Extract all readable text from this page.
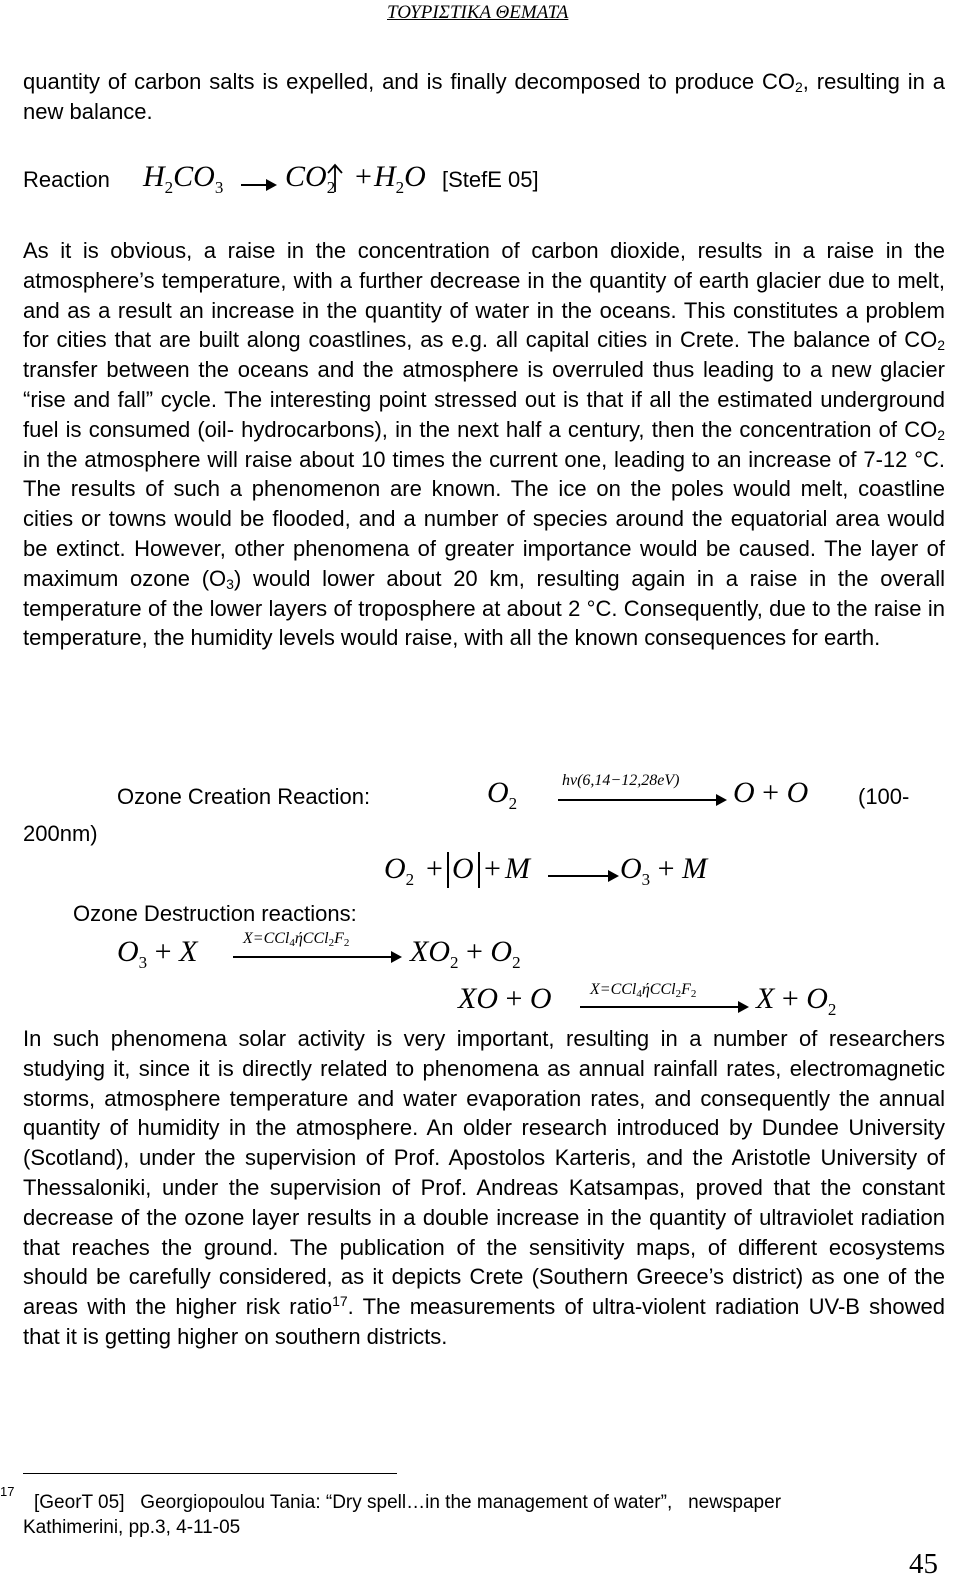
ΤΟΥΡΙΣΤΙΚΑ ΘΕΜΑΤΑ
quantity of carbon salts is expelled, and is finally decomposed to produce $CO_2$, resulting in a new balance.
Reaction $H_2CO_3$ $CO_2 + H_2O$ [StefE 05]
As it is obvious, a raise in the concentration of carbon dioxide, results in a raise in the atmosphere’s temperature, with a further decrease in the quantity of earth glacier due to melt, and as a result an increase in the quantity of water in the oceans. This constitutes a problem for cities that are built along coastlines, as e.g. all capital cities in Crete. The balance of $CO_2$ transfer between the oceans and the atmosphere is overruled thus leading to a new glacier “rise and fall” cycle. The interesting point stressed out is that if all the estimated underground fuel is consumed (oil- hydrocarbons), in the next half a century, then the concentration of $CO_2$ in the atmosphere will raise about 10 times the current one, leading to an increase of 7-12 °C. The results of such a phenomenon are known. The ice on the poles would melt, coastline cities or towns would be flooded, and a number of species around the equatorial area would be extinct. However, other phenomena of greater importance would be caused. The layer of maximum ozone $(O_3)$ would lower about 20 km, resulting again in a raise in the overall temperature of the lower layers of troposphere at about 2 °C. Consequently, due to the raise in temperature, the humidity levels would raise, with all the known consequences for earth.
Ozone Creation Reaction:	$O_2$
hν(6,14−12,28eV) O + O (100-
200nm)
$O_2 + O + M$	$O_3 + M$
Ozone Destruction reactions:
$O_3 + X$	$X=CCl_4ήCCl_2F_2$ $XO_2 + O_2$
XO + O $X=CCl_4ήCCl_2F_2$ $X + O_2$
In such phenomena solar activity is very important, resulting in a number of researchers studying it, since it is directly related to phenomena as annual rainfall rates, electromagnetic storms, atmosphere temperature and water evaporation rates, and consequently the annual quantity of humidity in the atmosphere. An older research introduced by Dundee University (Scotland), under the supervision of Prof. Apostolos Karteris, and the Aristotle University of Thessaloniki, under the supervision of Prof. Andreas Katsampas, proved that the constant decrease of the ozone layer results in a double increase in the quantity of ultraviolet radiation that reaches the ground. The publication of the sensitivity maps, of different ecosystems should be carefully considered, as it depicts Crete (Southern Greece’s district) as one of the areas with the higher risk ratio$^{17}$. The measurements of ultra-violent radiation UV-B showed that it is getting higher on southern districts.
17
[GeorT 05]   Georgiopoulou Tania: “Dry spell…in the management of water”,   newspaper
Kathimerini, pp.3, 4-11-05
45
